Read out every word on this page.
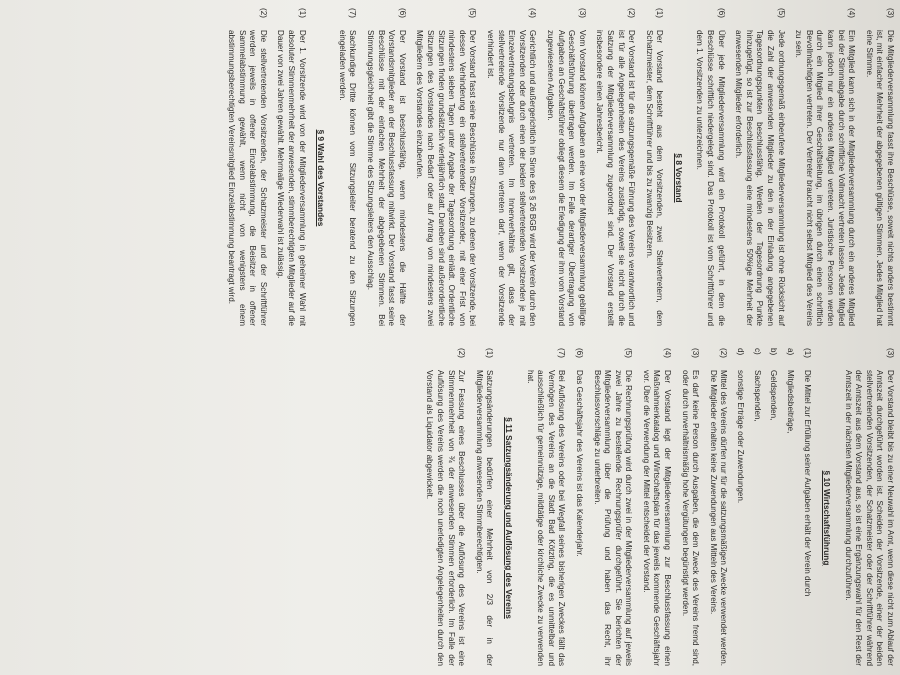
(3)
Die Mitgliederversammlung fasst ihre Beschlüsse, soweit nichts anders bestimmt ist, mit einfacher Mehrheit der abgegebenen gültigen Stimmen. Jedes Mitglied hat eine Stimme.
(4)
Ein Mitglied kann sich in der Mitgliederversammlung durch ein anderes Mitglied bei der Stimmabgabe durch schriftliche Vollmacht vertreten lassen. Jedes Mitglied kann jedoch nur ein anderes Mitglied vertreten. Juristische Personen werden durch ein Mitglied ihrer Geschäftsleitung, im übrigen durch einen schriftlich Bevollmächtigten vertreten. Der Vertreter braucht nicht selbst Mitglied des Vereins zu sein.
(5)
Jede ordnungsgemäß einberufene Mitgliederversammlung ist ohne Rücksicht auf die Zahl der anwesenden Mitglieder zu den in der Einladung angegebenen Tagesordnungspunkten beschlussfähig. Werden der Tagesordnung Punkte hinzugefügt, so ist zur Beschlussfassung eine mindestens 50%ige Mehrheit der anwesenden Mitglieder erforderlich.
(6)
Über jede Mitgliederversammlung wird ein Protokoll geführt, in dem die Beschlüsse schriftlich niedergelegt sind. Das Protokoll ist vom Schriftführer und dem 1. Vorsitzenden zu unterzeichnen.
§ 8 Vorstand
(1)
Der Vorstand besteht aus dem Vorsitzenden, zwei Stellvertretern, dem Schatzmeister, dem Schriftführer und bis zu zwanzig Beisitzern.
(2)
Der Vorstand ist für die satzungsgemäße Führung des Vereins verantwortlich und ist für alle Angelegenheiten des Vereins zuständig, soweit sie nicht durch die Satzung der Mitgliederversammlung zugeordnet sind. Der Vorstand erstellt insbesondere einen Jahresbericht.
(3)
Vom Vorstand können Aufgaben an eine von der Mitgliederversammlung gebilligte Geschäftsführung übertragen werden. Im Falle derartiger Übertragung von Aufgaben an Geschäftsführer obliegt diesem die Erledigung der ihm vom Vorstand zugewiesenen Aufgaben.
(4)
Gerichtlich und außergerichtlich im Sinne des § 26 BGB wird der Verein durch den Vorsitzenden oder durch einen der beiden stellvertretenden Vorsitzenden je mit Einzelvertretungsbefugnis vertreten. Im Innenverhältnis gilt, dass der stellvertretende Vorsitzende nur dann vertreten darf, wenn der Vorsitzende verhindert ist.
(5)
Der Vorstand fasst seine Beschlüsse in Sitzungen, zu denen der Vorsitzende, bei dessen Verhinderung ein stellvertretender Vorsitzender, mit einer Frist von mindestens sieben Tagen unter Angabe der Tagesordnung einlädt. Ordentliche Sitzungen finden grundsätzlich vierteljährlich statt. Daneben sind außerordentliche Sitzungen des Vorstandes nach Bedarf oder auf Antrag von mindestens zwei Mitgliedern des Vorstandes einzuberufen.
(6)
Der Vorstand ist beschlussfähig, wenn mindestens die Hälfte der Vorstandsmitglieder an der Beschlussfassung mitwirkt. Der Vorstand fasst seine Beschlüsse mit der einfachen Mehrheit der abgegebenen Stimmen. Bei Stimmungsgleichheit gibt die Stimme des Sitzungsleiters den Ausschlag.
(7)
Sachkundige Dritte können vom Sitzungsleiter beratend zu den Sitzungen eingeladen werden.
§ 9 Wahl des Vorstandes
(1)
Der 1. Vorsitzende wird von der Mitgliederversammlung in geheimer Wahl mit absoluter Stimmenmehrheit der anwesenden, stimmberechtigten Mitglieder auf die Dauer von zwei Jahren gewählt. Mehrmalige Wiederwahl ist zulässig.
(2)
Die stellvertretenden Vorsitzenden, der Schatzmeister und der Schriftführer werden jeweils in offener Einzelabstimmung, die Beisitzer in offener Sammelabstimmung gewählt, wenn nicht von wenigstens einem abstimmungsberechtigten Vereinsmitglied Einzelabstimmung beantragt wird.
(3)
Der Vorstand bleibt bis zu einer Neuwahl im Amt, wenn diese nicht zum Ablauf der Amtszeit durchgeführt worden ist. Scheiden der Vorsitzende, einer der beiden stellvertretenden Vorsitzenden, der Schatzmeister oder der Schriftführer während der Amtszeit aus dem Vorstand aus, so ist eine Ergänzungswahl für den Rest der Amtszeit in der nächsten Mitgliederversammlung durchzuführen.
§ 10 Wirtschaftsführung
(1)
Die Mittel zur Erfüllung seiner Aufgaben erhält der Verein durch
a)
Mitgliedsbeiträge,
b)
Geldspenden,
c)
Sachspenden,
d)
sonstige Erträge oder Zuwendungen.
(2)
Mittel des Vereins dürfen nur für die satzungsmäßigen Zwecke verwendet werden. Die Mitglieder erhalten keine Zuwendungen aus Mitteln des Vereins.
(3)
Es darf keine Person durch Ausgaben, die dem Zweck des Vereins fremd sind, oder durch unverhältnismäßig hohe Vergütungen begünstigt werden.
(4)
Der Vorstand legt der Mitgliederversammlung zur Beschlussfassung einen Maßnahmenkatalog und Wirtschaftsplan für das jeweils kommende Geschäftsjahr vor. Über die Verwendung der Mittel entscheidet der Vorstand.
(5)
Die Rechnungsprüfung wird durch zwei in der Mitgliederversammlung auf jeweils zwei Jahre zu bestellende Rechnungsprüfer durchgeführt. Sie berichten der Mitgliederversammlung über die Prüfung und haben das Recht, ihr Beschlussvorschläge zu unterbreiten.
(6)
Das Geschäftsjahr des Vereins ist das Kalenderjahr.
(7)
Bei Auflösung des Vereins oder bei Wegfall seines bisherigen Zweckes fällt das Vermögen des Vereins an die Stadt Bad Kötzting, die es unmittelbar und ausschließlich für gemeinnützige, mildtätige oder kirchliche Zwecke zu verwenden hat.
§ 11 Satzungsänderung und Auflösung des Vereins
(1)
Satzungsänderungen bedürfen einer Mehrheit von 2/3 der in der Mitgliederversammlung anwesenden Stimmberechtigten.
(2)
Zur Fassung eines Beschlusses über die Auflösung des Vereins ist eine Stimmenmehrheit von ¾ der anwesenden Stimmen erforderlich. Im Falle der Auflösung des Vereins werden die noch unerledigten Angelegenheiten durch den Vorstand als Liquidator abgewickelt.
